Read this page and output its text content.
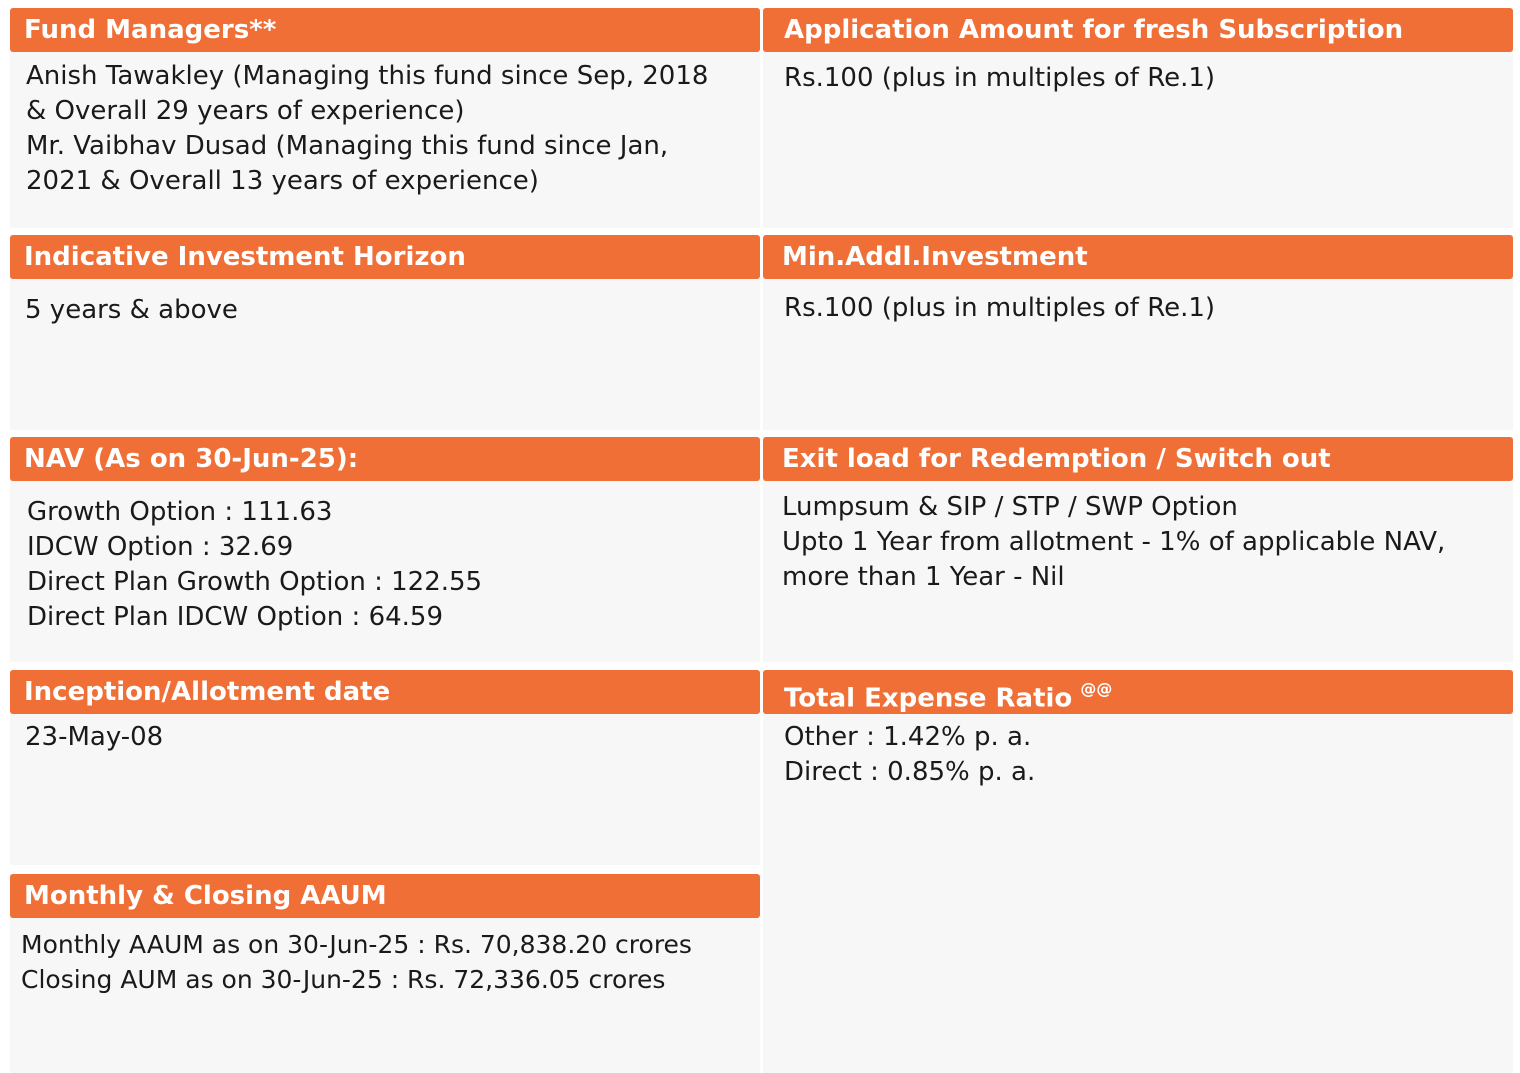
Fund Managers**
Anish Tawakley (Managing this fund since Sep, 2018
& Overall 29 years of experience)
Mr. Vaibhav Dusad (Managing this fund since Jan,
2021 & Overall 13 years of experience)
Application Amount for fresh Subscription
Rs.100 (plus in multiples of Re.1)
Indicative Investment Horizon
5 years & above
Min.Addl.Investment
Rs.100 (plus in multiples of Re.1)
NAV (As on 30-Jun-25):
Growth Option : 111.63
IDCW Option : 32.69
Direct Plan Growth Option : 122.55
Direct Plan IDCW Option : 64.59
Exit load for Redemption / Switch out
Lumpsum & SIP / STP / SWP Option
Upto 1 Year from allotment - 1% of applicable NAV,
more than 1 Year - Nil
Inception/Allotment date
23-May-08
Total Expense Ratio @@
Other : 1.42% p. a.
Direct : 0.85% p. a.
Monthly & Closing AAUM
Monthly AAUM as on 30-Jun-25 : Rs. 70,838.20 crores
Closing AUM as on 30-Jun-25 : Rs. 72,336.05 crores
